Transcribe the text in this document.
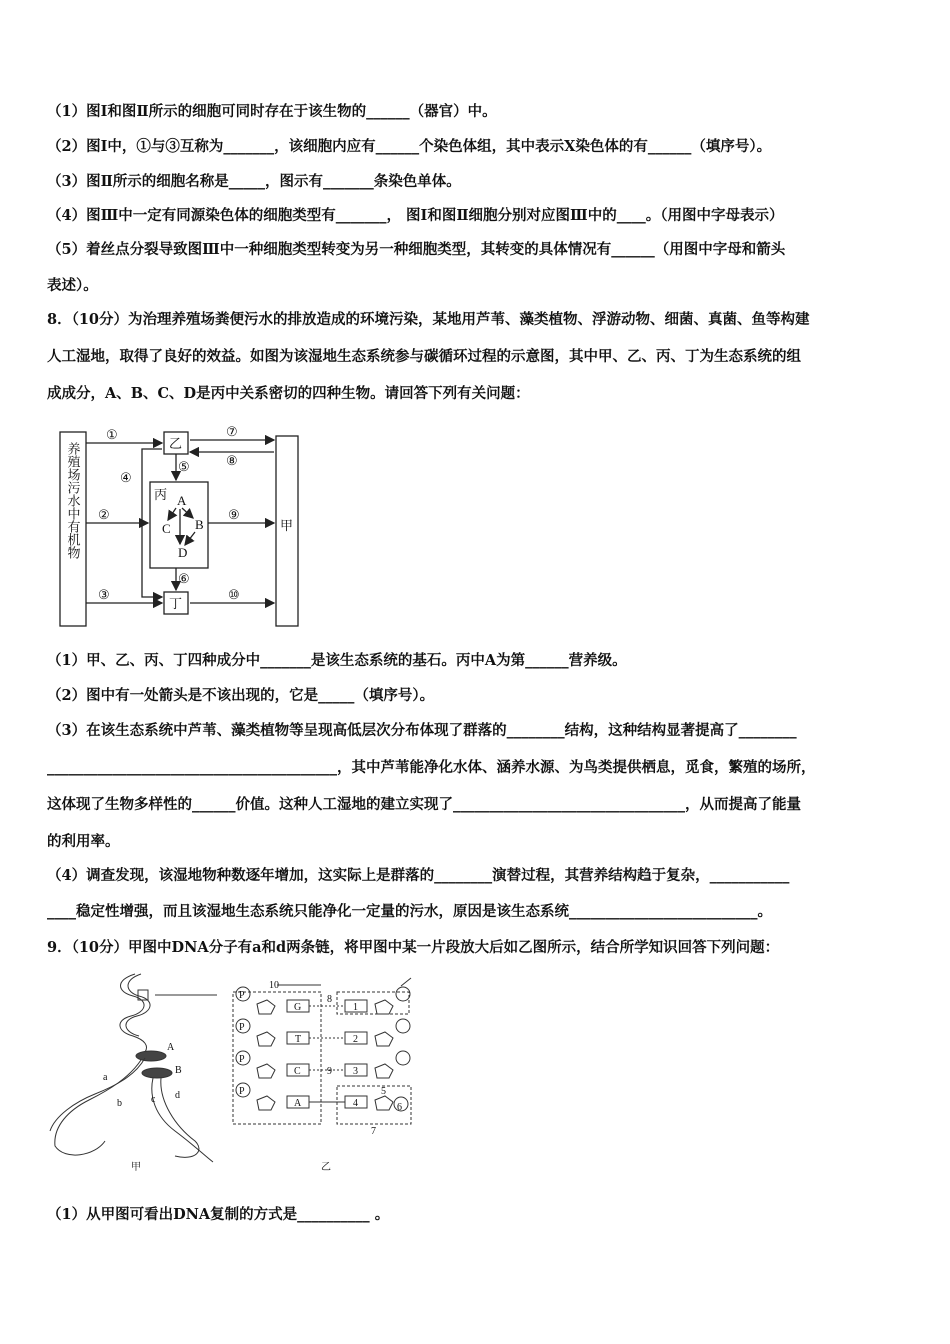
（1）图Ⅰ和图Ⅱ所示的细胞可同时存在于该生物的______（器官）中。
（2）图Ⅰ中，①与③互称为_______，该细胞内应有______个染色体组，其中表示X染色体的有______（填序号）。
（3）图Ⅱ所示的细胞名称是_____，图示有_______条染色单体。
（4）图Ⅲ中一定有同源染色体的细胞类型有_______， 图Ⅰ和图Ⅱ细胞分别对应图Ⅲ中的____。（用图中字母表示）
（5）着丝点分裂导致图Ⅲ中一种细胞类型转变为另一种细胞类型，其转变的具体情况有______（用图中字母和箭头
表述）。
8．（10分）为治理养殖场粪便污水的排放造成的环境污染，某地用芦苇、藻类植物、浮游动物、细菌、真菌、鱼等构建
人工湿地，取得了良好的效益。如图为该湿地生态系统参与碳循环过程的示意图，其中甲、乙、丙、丁为生态系统的组
成成分，A、B、C、D是丙中关系密切的四种生物。请回答下列有关问题：
养殖场污水中有机物	乙
丙 A
B
C
D
丁
甲
①
②
③
④
⑤
⑥
⑦
⑧
⑨
⑩
（1）甲、乙、丙、丁四种成分中_______是该生态系统的基石。丙中A为第______营养级。
（2）图中有一处箭头是不该出现的，它是_____（填序号）。
（3）在该生态系统中芦苇、藻类植物等呈现高低层次分布体现了群落的________结构，这种结构显著提高了________
________________________________________，其中芦苇能净化水体、涵养水源、为鸟类提供栖息，觅食，繁殖的场所，
这体现了生物多样性的______价值。这种人工湿地的建立实现了________________________________，从而提高了能量
的利用率。
（4）调查发现，该湿地物种数逐年增加，这实际上是群落的________演替过程，其营养结构趋于复杂，___________
____稳定性增强，而且该湿地生态系统只能净化一定量的污水，原因是该生态系统__________________________。
9．（10分）甲图中DNA分子有a和d两条链，将甲图中某一片段放大后如乙图所示，结合所学知识回答下列问题：
A
B
a
b	c d
甲
10
P
P
P
P
G
T
C
A
8
9
1
2
3
4
5
6
7
乙
（1）从甲图可看出DNA复制的方式是__________ 。
